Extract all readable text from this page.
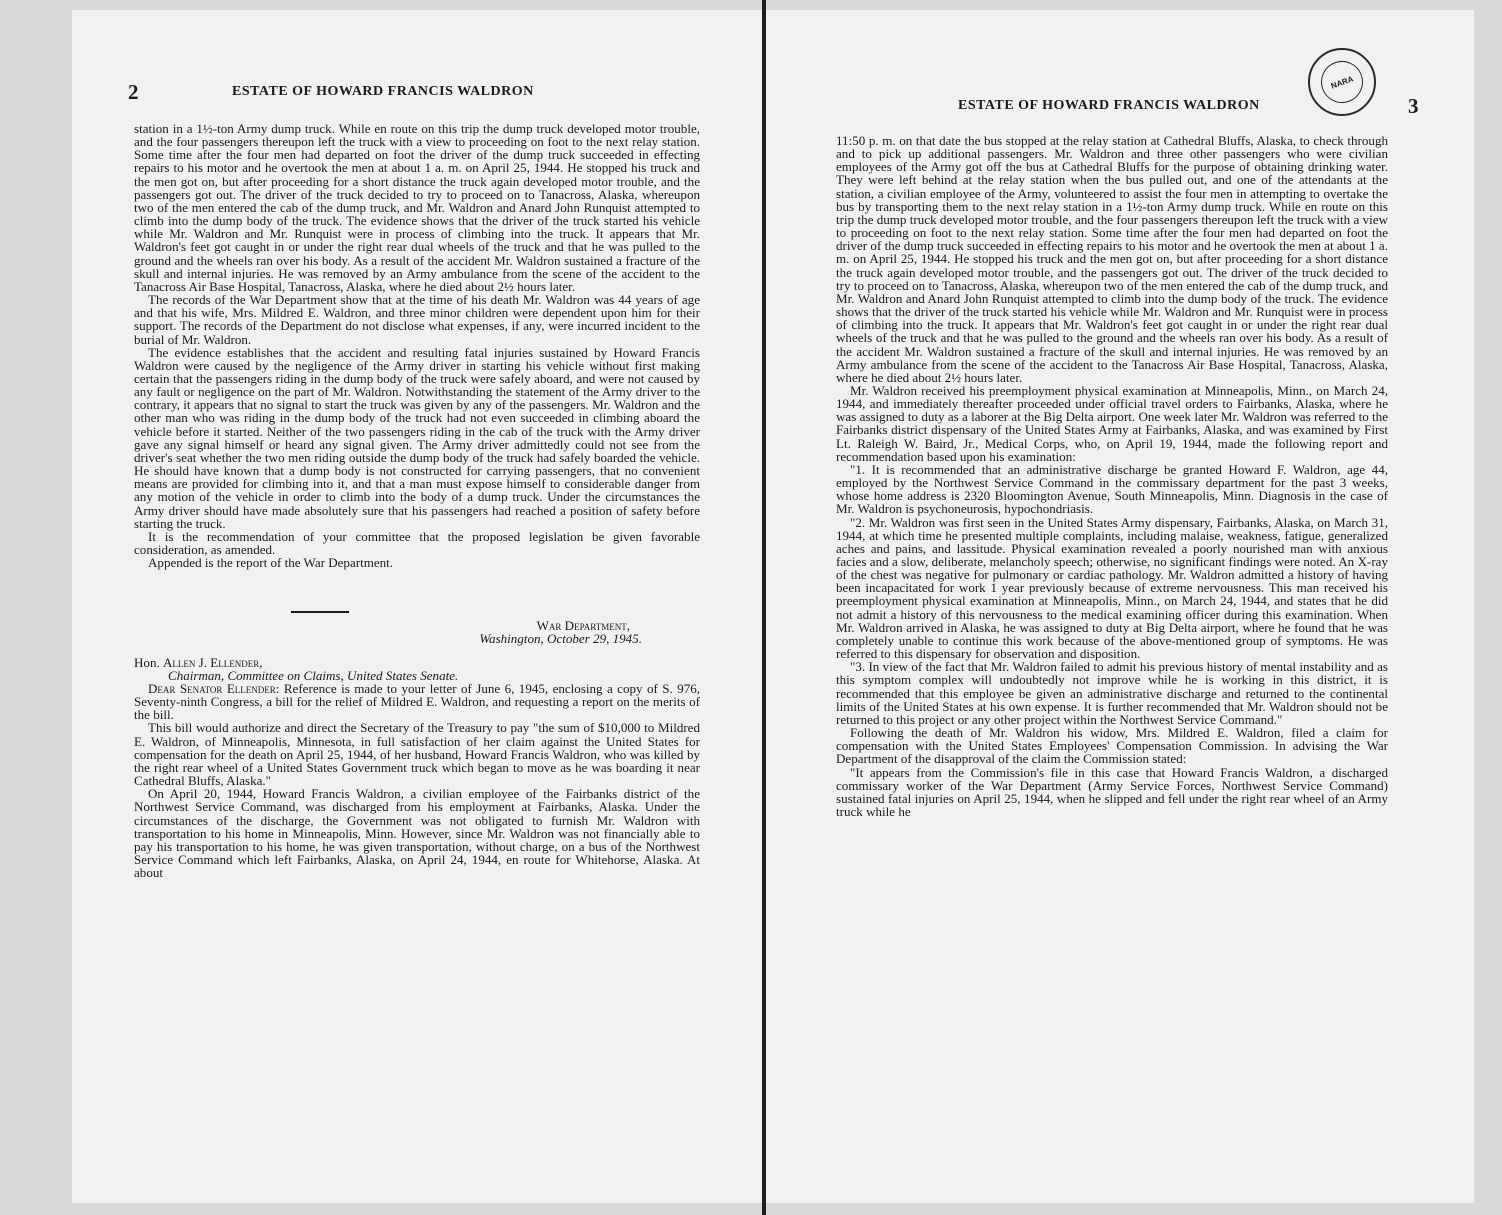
2	ESTATE OF HOWARD FRANCIS WALDRON

station in a 1½-ton Army dump truck. While en route on this trip the dump truck developed motor trouble, and the four passengers thereupon left the truck with a view to proceeding on foot to the next relay station. Some time after the four men had departed on foot the driver of the dump truck succeeded in effecting repairs to his motor and he overtook the men at about 1 a. m. on April 25, 1944. He stopped his truck and the men got on, but after proceeding for a short distance the truck again developed motor trouble, and the passengers got out. The driver of the truck decided to try to proceed on to Tanacross, Alaska, whereupon two of the men entered the cab of the dump truck, and Mr. Waldron and Anard John Runquist attempted to climb into the dump body of the truck. The evidence shows that the driver of the truck started his vehicle while Mr. Waldron and Mr. Runquist were in process of climbing into the truck. It appears that Mr. Waldron's feet got caught in or under the right rear dual wheels of the truck and that he was pulled to the ground and the wheels ran over his body. As a result of the accident Mr. Waldron sustained a fracture of the skull and internal injuries. He was removed by an Army ambulance from the scene of the accident to the Tanacross Air Base Hospital, Tanacross, Alaska, where he died about 2½ hours later.

The records of the War Department show that at the time of his death Mr. Waldron was 44 years of age and that his wife, Mrs. Mildred E. Waldron, and three minor children were dependent upon him for their support. The records of the Department do not disclose what expenses, if any, were incurred incident to the burial of Mr. Waldron.

The evidence establishes that the accident and resulting fatal injuries sustained by Howard Francis Waldron were caused by the negligence of the Army driver in starting his vehicle without first making certain that the passengers riding in the dump body of the truck were safely aboard, and were not caused by any fault or negligence on the part of Mr. Waldron. Notwithstanding the statement of the Army driver to the contrary, it appears that no signal to start the truck was given by any of the passengers. Mr. Waldron and the other man who was riding in the dump body of the truck had not even succeeded in climbing aboard the vehicle before it started. Neither of the two passengers riding in the cab of the truck with the Army driver gave any signal himself or heard any signal given. The Army driver admittedly could not see from the driver's seat whether the two men riding outside the dump body of the truck had safely boarded the vehicle. He should have known that a dump body is not constructed for carrying passengers, that no convenient means are provided for climbing into it, and that a man must expose himself to considerable danger from any motion of the vehicle in order to climb into the body of a dump truck. Under the circumstances the Army driver should have made absolutely sure that his passengers had reached a position of safety before starting the truck.

It is the recommendation of your committee that the proposed legislation be given favorable consideration, as amended.

Appended is the report of the War Department.

War Department,

Washington, October 29, 1945.

Hon. Allen J. Ellender,

Chairman, Committee on Claims, United States Senate.

Dear Senator Ellender: Reference is made to your letter of June 6, 1945, enclosing a copy of S. 976, Seventy-ninth Congress, a bill for the relief of Mildred E. Waldron, and requesting a report on the merits of the bill.

This bill would authorize and direct the Secretary of the Treasury to pay "the sum of $10,000 to Mildred E. Waldron, of Minneapolis, Minnesota, in full satisfaction of her claim against the United States for compensation for the death on April 25, 1944, of her husband, Howard Francis Waldron, who was killed by the right rear wheel of a United States Government truck which began to move as he was boarding it near Cathedral Bluffs, Alaska."

On April 20, 1944, Howard Francis Waldron, a civilian employee of the Fairbanks district of the Northwest Service Command, was discharged from his employment at Fairbanks, Alaska. Under the circumstances of the discharge, the Government was not obligated to furnish Mr. Waldron with transportation to his home in Minneapolis, Minn. However, since Mr. Waldron was not financially able to pay his transportation to his home, he was given transportation, without charge, on a bus of the Northwest Service Command which left Fairbanks, Alaska, on April 24, 1944, en route for Whitehorse, Alaska. At about

ESTATE OF HOWARD FRANCIS WALDRON
NARA
3

11:50 p. m. on that date the bus stopped at the relay station at Cathedral Bluffs, Alaska, to check through and to pick up additional passengers. Mr. Waldron and three other passengers who were civilian employees of the Army got off the bus at Cathedral Bluffs for the purpose of obtaining drinking water. They were left behind at the relay station when the bus pulled out, and one of the attendants at the station, a civilian employee of the Army, volunteered to assist the four men in attempting to overtake the bus by transporting them to the next relay station in a 1½-ton Army dump truck. While en route on this trip the dump truck developed motor trouble, and the four passengers thereupon left the truck with a view to proceeding on foot to the next relay station. Some time after the four men had departed on foot the driver of the dump truck succeeded in effecting repairs to his motor and he overtook the men at about 1 a. m. on April 25, 1944. He stopped his truck and the men got on, but after proceeding for a short distance the truck again developed motor trouble, and the passengers got out. The driver of the truck decided to try to proceed on to Tanacross, Alaska, whereupon two of the men entered the cab of the dump truck, and Mr. Waldron and Anard John Runquist attempted to climb into the dump body of the truck. The evidence shows that the driver of the truck started his vehicle while Mr. Waldron and Mr. Runquist were in process of climbing into the truck. It appears that Mr. Waldron's feet got caught in or under the right rear dual wheels of the truck and that he was pulled to the ground and the wheels ran over his body. As a result of the accident Mr. Waldron sustained a fracture of the skull and internal injuries. He was removed by an Army ambulance from the scene of the accident to the Tanacross Air Base Hospital, Tanacross, Alaska, where he died about 2½ hours later.

Mr. Waldron received his preemployment physical examination at Minneapolis, Minn., on March 24, 1944, and immediately thereafter proceeded under official travel orders to Fairbanks, Alaska, where he was assigned to duty as a laborer at the Big Delta airport. One week later Mr. Waldron was referred to the Fairbanks district dispensary of the United States Army at Fairbanks, Alaska, and was examined by First Lt. Raleigh W. Baird, Jr., Medical Corps, who, on April 19, 1944, made the following report and recommendation based upon his examination:

"1. It is recommended that an administrative discharge be granted Howard F. Waldron, age 44, employed by the Northwest Service Command in the commissary department for the past 3 weeks, whose home address is 2320 Bloomington Avenue, South Minneapolis, Minn. Diagnosis in the case of Mr. Waldron is psychoneurosis, hypochondriasis.

"2. Mr. Waldron was first seen in the United States Army dispensary, Fairbanks, Alaska, on March 31, 1944, at which time he presented multiple complaints, including malaise, weakness, fatigue, generalized aches and pains, and lassitude. Physical examination revealed a poorly nourished man with anxious facies and a slow, deliberate, melancholy speech; otherwise, no significant findings were noted. An X-ray of the chest was negative for pulmonary or cardiac pathology. Mr. Waldron admitted a history of having been incapacitated for work 1 year previously because of extreme nervousness. This man received his preemployment physical examination at Minneapolis, Minn., on March 24, 1944, and states that he did not admit a history of this nervousness to the medical examining officer during this examination. When Mr. Waldron arrived in Alaska, he was assigned to duty at Big Delta airport, where he found that he was completely unable to continue this work because of the above-mentioned group of symptoms. He was referred to this dispensary for observation and disposition.

"3. In view of the fact that Mr. Waldron failed to admit his previous history of mental instability and as this symptom complex will undoubtedly not improve while he is working in this district, it is recommended that this employee be given an administrative discharge and returned to the continental limits of the United States at his own expense. It is further recommended that Mr. Waldron should not be returned to this project or any other project within the Northwest Service Command."

Following the death of Mr. Waldron his widow, Mrs. Mildred E. Waldron, filed a claim for compensation with the United States Employees' Compensation Commission. In advising the War Department of the disapproval of the claim the Commission stated:

"It appears from the Commission's file in this case that Howard Francis Waldron, a discharged commissary worker of the War Department (Army Service Forces, Northwest Service Command) sustained fatal injuries on April 25, 1944, when he slipped and fell under the right rear wheel of an Army truck while he
